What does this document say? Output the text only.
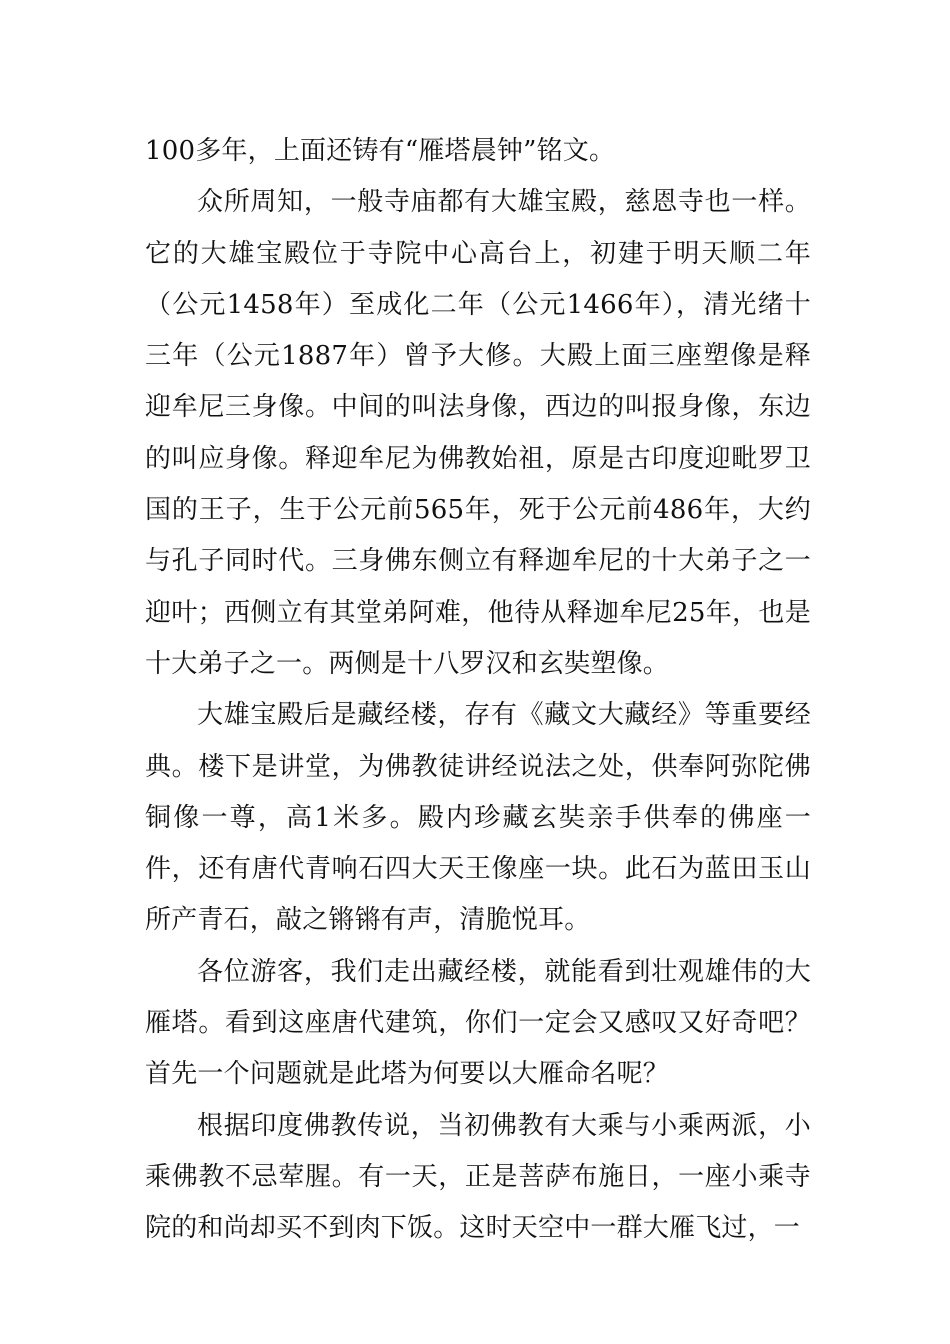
100多年，上面还铸有“雁塔晨钟”铭文。

众所周知，一般寺庙都有大雄宝殿，慈恩寺也一样。它的大雄宝殿位于寺院中心高台上，初建于明天顺二年（公元1458年）至成化二年（公元1466年），清光绪十三年（公元1887年）曾予大修。大殿上面三座塑像是释迎牟尼三身像。中间的叫法身像，西边的叫报身像，东边的叫应身像。释迎牟尼为佛教始祖，原是古印度迎毗罗卫国的王子，生于公元前565年，死于公元前486年，大约与孔子同时代。三身佛东侧立有释迦牟尼的十大弟子之一迎叶；西侧立有其堂弟阿难，他待从释迦牟尼25年，也是十大弟子之一。两侧是十八罗汉和玄奘塑像。

大雄宝殿后是藏经楼，存有《藏文大藏经》等重要经典。楼下是讲堂，为佛教徒讲经说法之处，供奉阿弥陀佛铜像一尊，高1米多。殿内珍藏玄奘亲手供奉的佛座一件，还有唐代青响石四大天王像座一块。此石为蓝田玉山所产青石，敲之锵锵有声，清脆悦耳。

各位游客，我们走出藏经楼，就能看到壮观雄伟的大雁塔。看到这座唐代建筑，你们一定会又感叹又好奇吧？首先一个问题就是此塔为何要以大雁命名呢？

根据印度佛教传说，当初佛教有大乘与小乘两派，小乘佛教不忌荤腥。有一天，正是菩萨布施日，一座小乘寺院的和尚却买不到肉下饭。这时天空中一群大雁飞过，一
